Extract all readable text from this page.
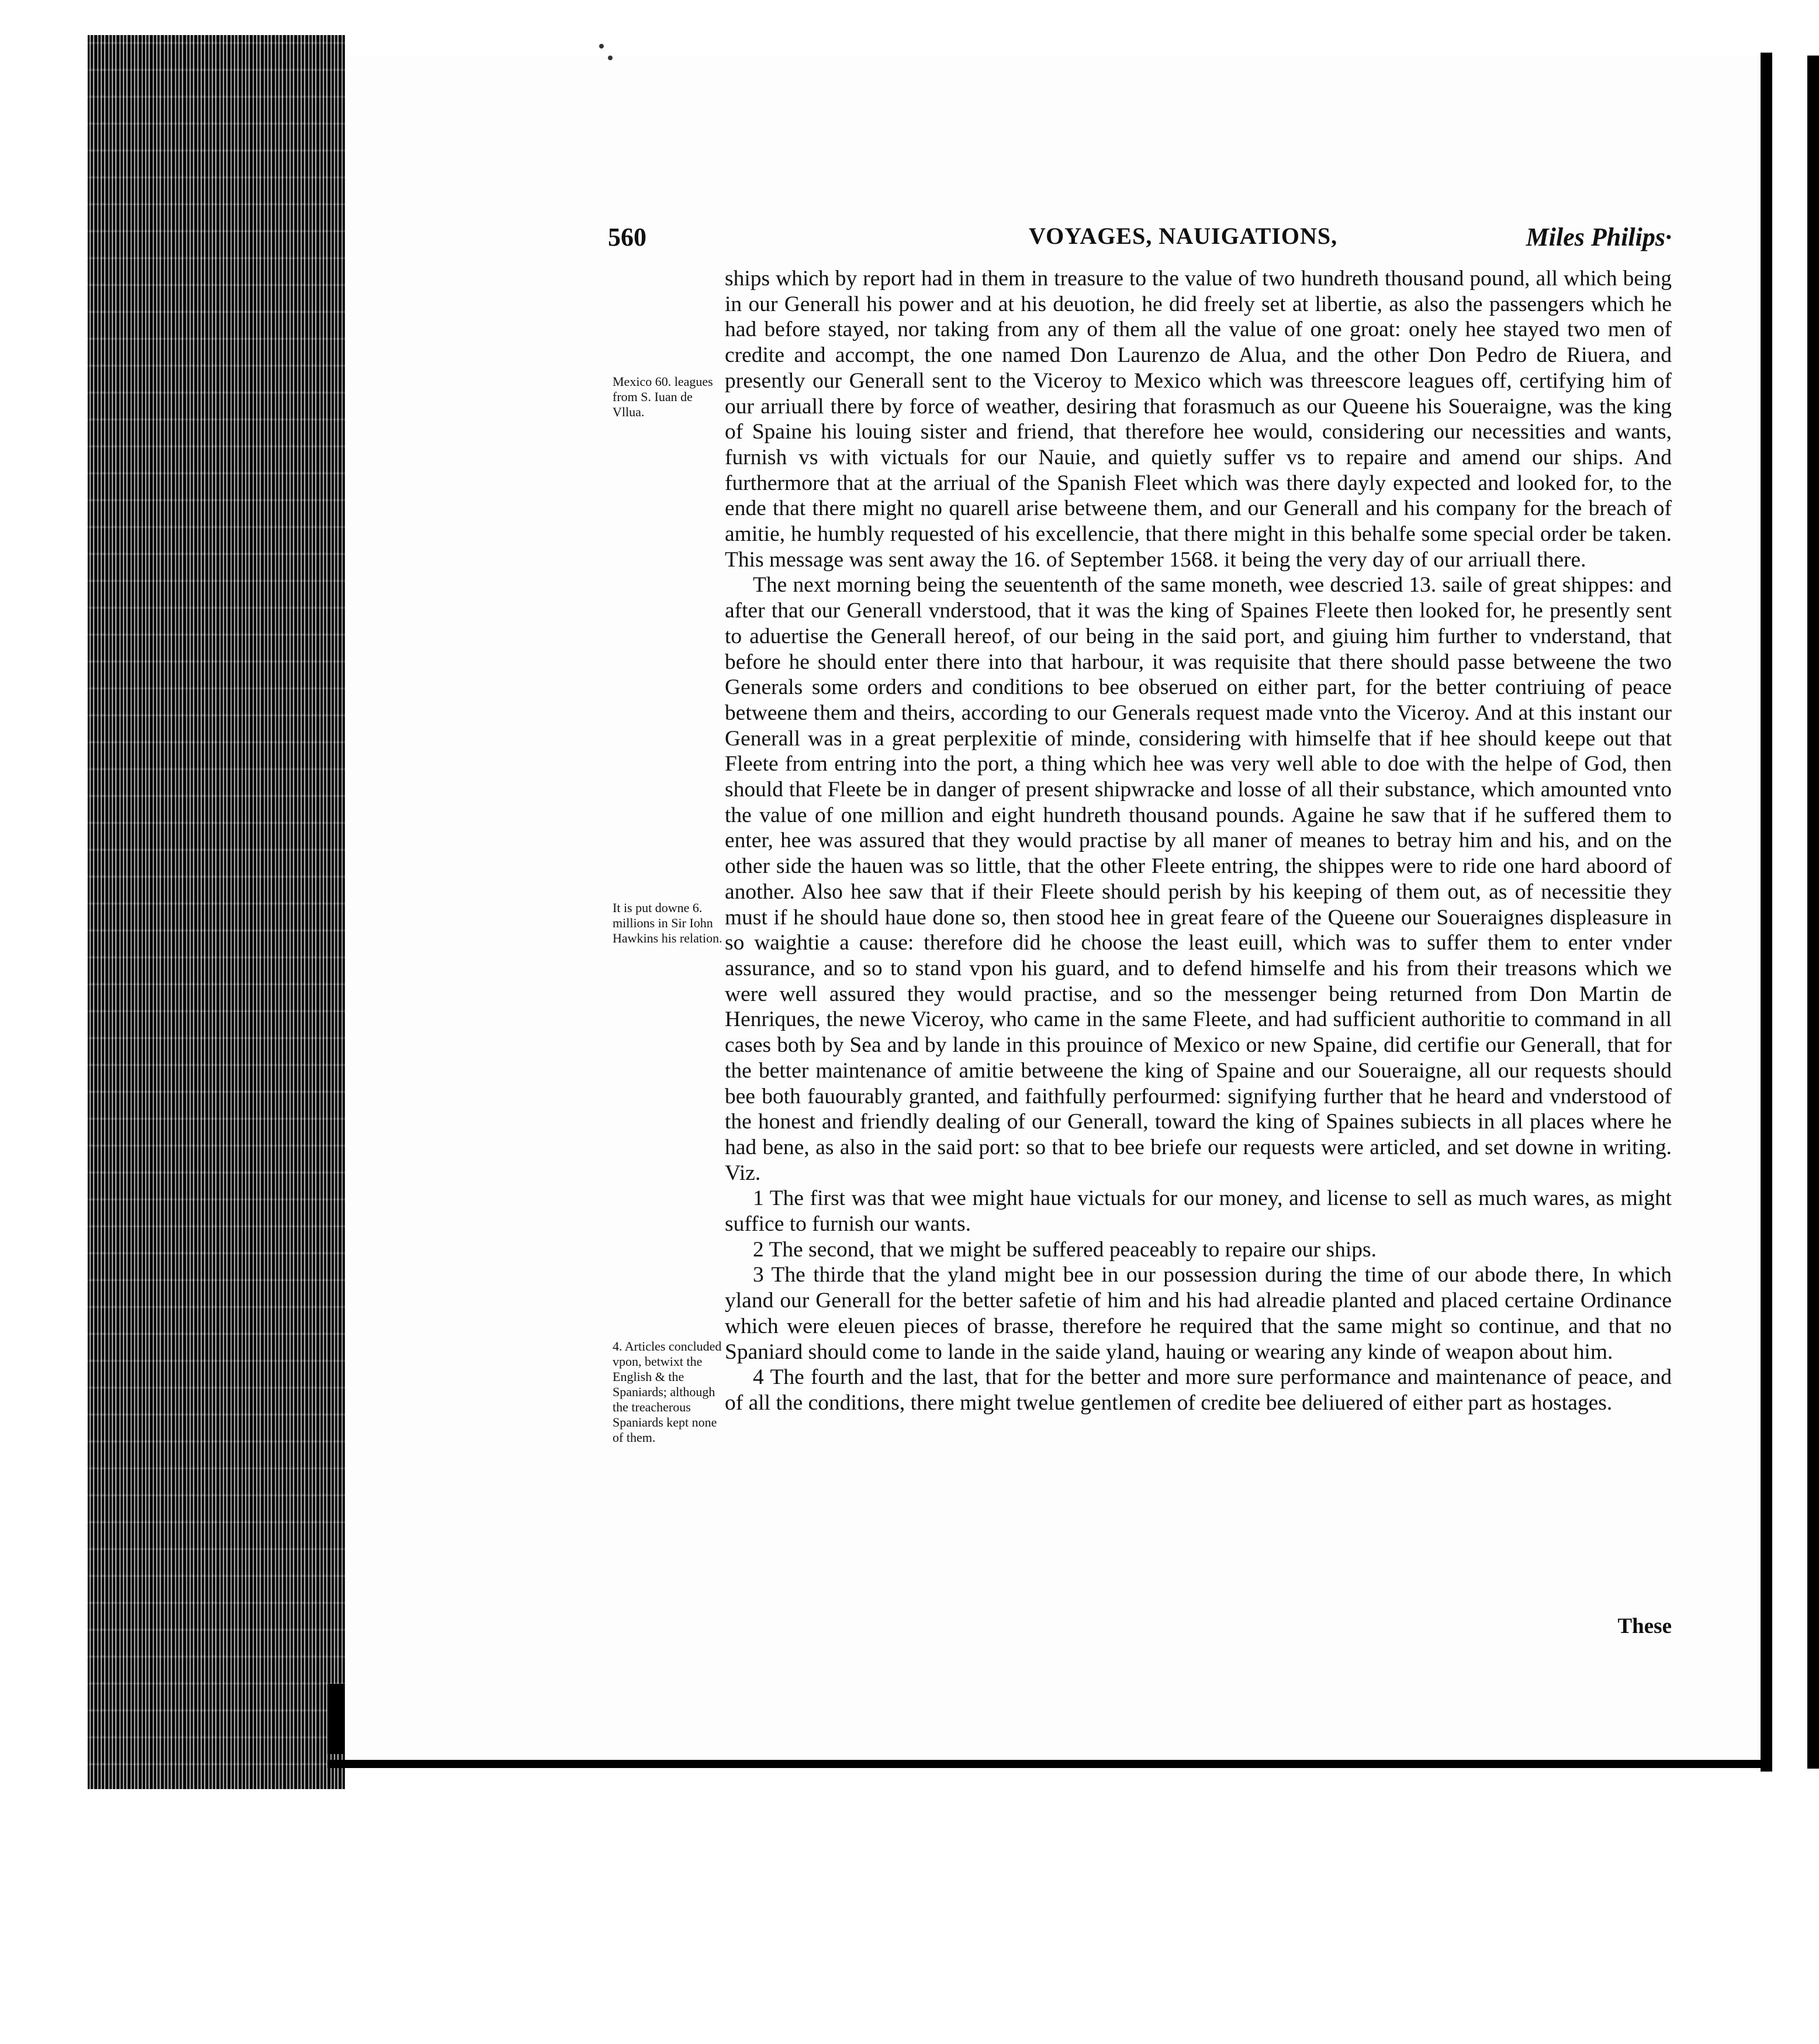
560	VOYAGES, NAUIGATIONS,	Miles Philips·
Mexico 60. leagues from S. Iuan de Vllua.
It is put downe 6. millions in Sir Iohn Hawkins his relation.
4. Articles concluded vpon, betwixt the English & the Spaniards; although the treacherous Spaniards kept none of them.

ships which by report had in them in treasure to the value of two hundreth thousand pound, all which being in our Generall his power and at his deuotion, he did freely set at libertie, as also the passengers which he had before stayed, nor taking from any of them all the value of one groat: onely hee stayed two men of credite and accompt, the one named Don Laurenzo de Alua, and the other Don Pedro de Riuera, and presently our Generall sent to the Viceroy to Mexico which was threescore leagues off, certifying him of our arriuall there by force of weather, desiring that forasmuch as our Queene his Soueraigne, was the king of Spaine his louing sister and friend, that therefore hee would, considering our necessities and wants, furnish vs with victuals for our Nauie, and quietly suffer vs to repaire and amend our ships. And furthermore that at the arriual of the Spanish Fleet which was there dayly expected and looked for, to the ende that there might no quarell arise betweene them, and our Generall and his company for the breach of amitie, he humbly requested of his excellencie, that there might in this behalfe some special order be taken. This message was sent away the 16. of September 1568. it being the very day of our arriuall there.

The next morning being the seuententh of the same moneth, wee descried 13. saile of great shippes: and after that our Generall vnderstood, that it was the king of Spaines Fleete then looked for, he presently sent to aduertise the Generall hereof, of our being in the said port, and giuing him further to vnderstand, that before he should enter there into that harbour, it was requisite that there should passe betweene the two Generals some orders and conditions to bee obserued on either part, for the better contriuing of peace betweene them and theirs, according to our Generals request made vnto the Viceroy. And at this instant our Generall was in a great perplexitie of minde, considering with himselfe that if hee should keepe out that Fleete from entring into the port, a thing which hee was very well able to doe with the helpe of God, then should that Fleete be in danger of present shipwracke and losse of all their substance, which amounted vnto the value of one million and eight hundreth thousand pounds. Againe he saw that if he suffered them to enter, hee was assured that they would practise by all maner of meanes to betray him and his, and on the other side the hauen was so little, that the other Fleete entring, the shippes were to ride one hard aboord of another. Also hee saw that if their Fleete should perish by his keeping of them out, as of necessitie they must if he should haue done so, then stood hee in great feare of the Queene our Soueraignes displeasure in so waightie a cause: therefore did he choose the least euill, which was to suffer them to enter vnder assurance, and so to stand vpon his guard, and to defend himselfe and his from their treasons which we were well assured they would practise, and so the messenger being returned from Don Martin de Henriques, the newe Viceroy, who came in the same Fleete, and had sufficient authoritie to command in all cases both by Sea and by lande in this prouince of Mexico or new Spaine, did certifie our Generall, that for the better maintenance of amitie betweene the king of Spaine and our Soueraigne, all our requests should bee both fauourably granted, and faithfully perfourmed: signifying further that he heard and vnderstood of the honest and friendly dealing of our Generall, toward the king of Spaines subiects in all places where he had bene, as also in the said port: so that to bee briefe our requests were articled, and set downe in writing. Viz.

1 The first was that wee might haue victuals for our money, and license to sell as much wares, as might suffice to furnish our wants.

2 The second, that we might be suffered peaceably to repaire our ships.

3 The thirde that the yland might bee in our possession during the time of our abode there, In which yland our Generall for the better safetie of him and his had alreadie planted and placed certaine Ordinance which were eleuen pieces of brasse, therefore he required that the same might so continue, and that no Spaniard should come to lande in the saide yland, hauing or wearing any kinde of weapon about him.

4 The fourth and the last, that for the better and more sure performance and maintenance of peace, and of all the conditions, there might twelue gentlemen of credite bee deliuered of either part as hostages.

These
